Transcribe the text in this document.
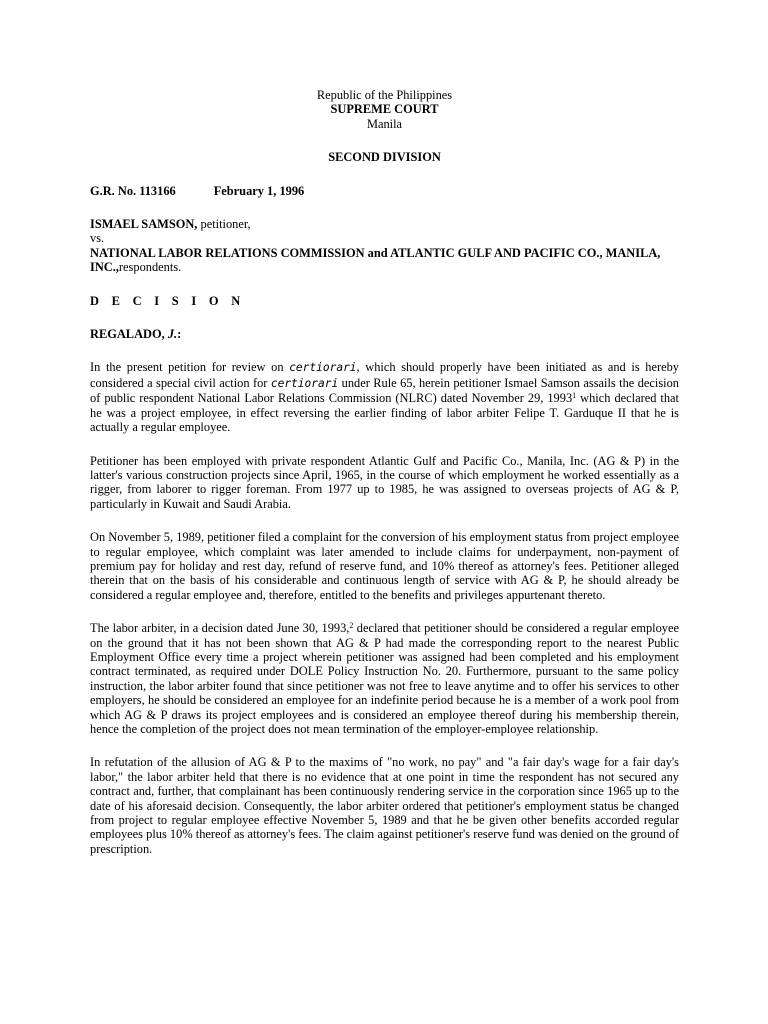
Republic of the Philippines
SUPREME COURT
Manila
SECOND DIVISION
G.R. No. 113166	February 1, 1996
ISMAEL SAMSON, petitioner,
vs.
NATIONAL LABOR RELATIONS COMMISSION and ATLANTIC GULF AND PACIFIC CO., MANILA, INC.,respondents.
D E C I S I O N
REGALADO, J.:
In the present petition for review on certiorari, which should properly have been initiated as and is hereby considered a special civil action for certiorari under Rule 65, herein petitioner Ismael Samson assails the decision of public respondent National Labor Relations Commission (NLRC) dated November 29, 1993$^1$ which declared that he was a project employee, in effect reversing the earlier finding of labor arbiter Felipe T. Garduque II that he is actually a regular employee.
Petitioner has been employed with private respondent Atlantic Gulf and Pacific Co., Manila, Inc. (AG & P) in the latter's various construction projects since April, 1965, in the course of which employment he worked essentially as a rigger, from laborer to rigger foreman. From 1977 up to 1985, he was assigned to overseas projects of AG & P, particularly in Kuwait and Saudi Arabia.
On November 5, 1989, petitioner filed a complaint for the conversion of his employment status from project employee to regular employee, which complaint was later amended to include claims for underpayment, non-payment of premium pay for holiday and rest day, refund of reserve fund, and 10% thereof as attorney's fees. Petitioner alleged therein that on the basis of his considerable and continuous length of service with AG & P, he should already be considered a regular employee and, therefore, entitled to the benefits and privileges appurtenant thereto.
The labor arbiter, in a decision dated June 30, 1993,$^2$ declared that petitioner should be considered a regular employee on the ground that it has not been shown that AG & P had made the corresponding report to the nearest Public Employment Office every time a project wherein petitioner was assigned had been completed and his employment contract terminated, as required under DOLE Policy Instruction No. 20. Furthermore, pursuant to the same policy instruction, the labor arbiter found that since petitioner was not free to leave anytime and to offer his services to other employers, he should be considered an employee for an indefinite period because he is a member of a work pool from which AG & P draws its project employees and is considered an employee thereof during his membership therein, hence the completion of the project does not mean termination of the employer-employee relationship.
In refutation of the allusion of AG & P to the maxims of "no work, no pay" and "a fair day's wage for a fair day's labor," the labor arbiter held that there is no evidence that at one point in time the respondent has not secured any contract and, further, that complainant has been continuously rendering service in the corporation since 1965 up to the date of his aforesaid decision. Consequently, the labor arbiter ordered that petitioner's employment status be changed from project to regular employee effective November 5, 1989 and that he be given other benefits accorded regular employees plus 10% thereof as attorney's fees. The claim against petitioner's reserve fund was denied on the ground of prescription.
